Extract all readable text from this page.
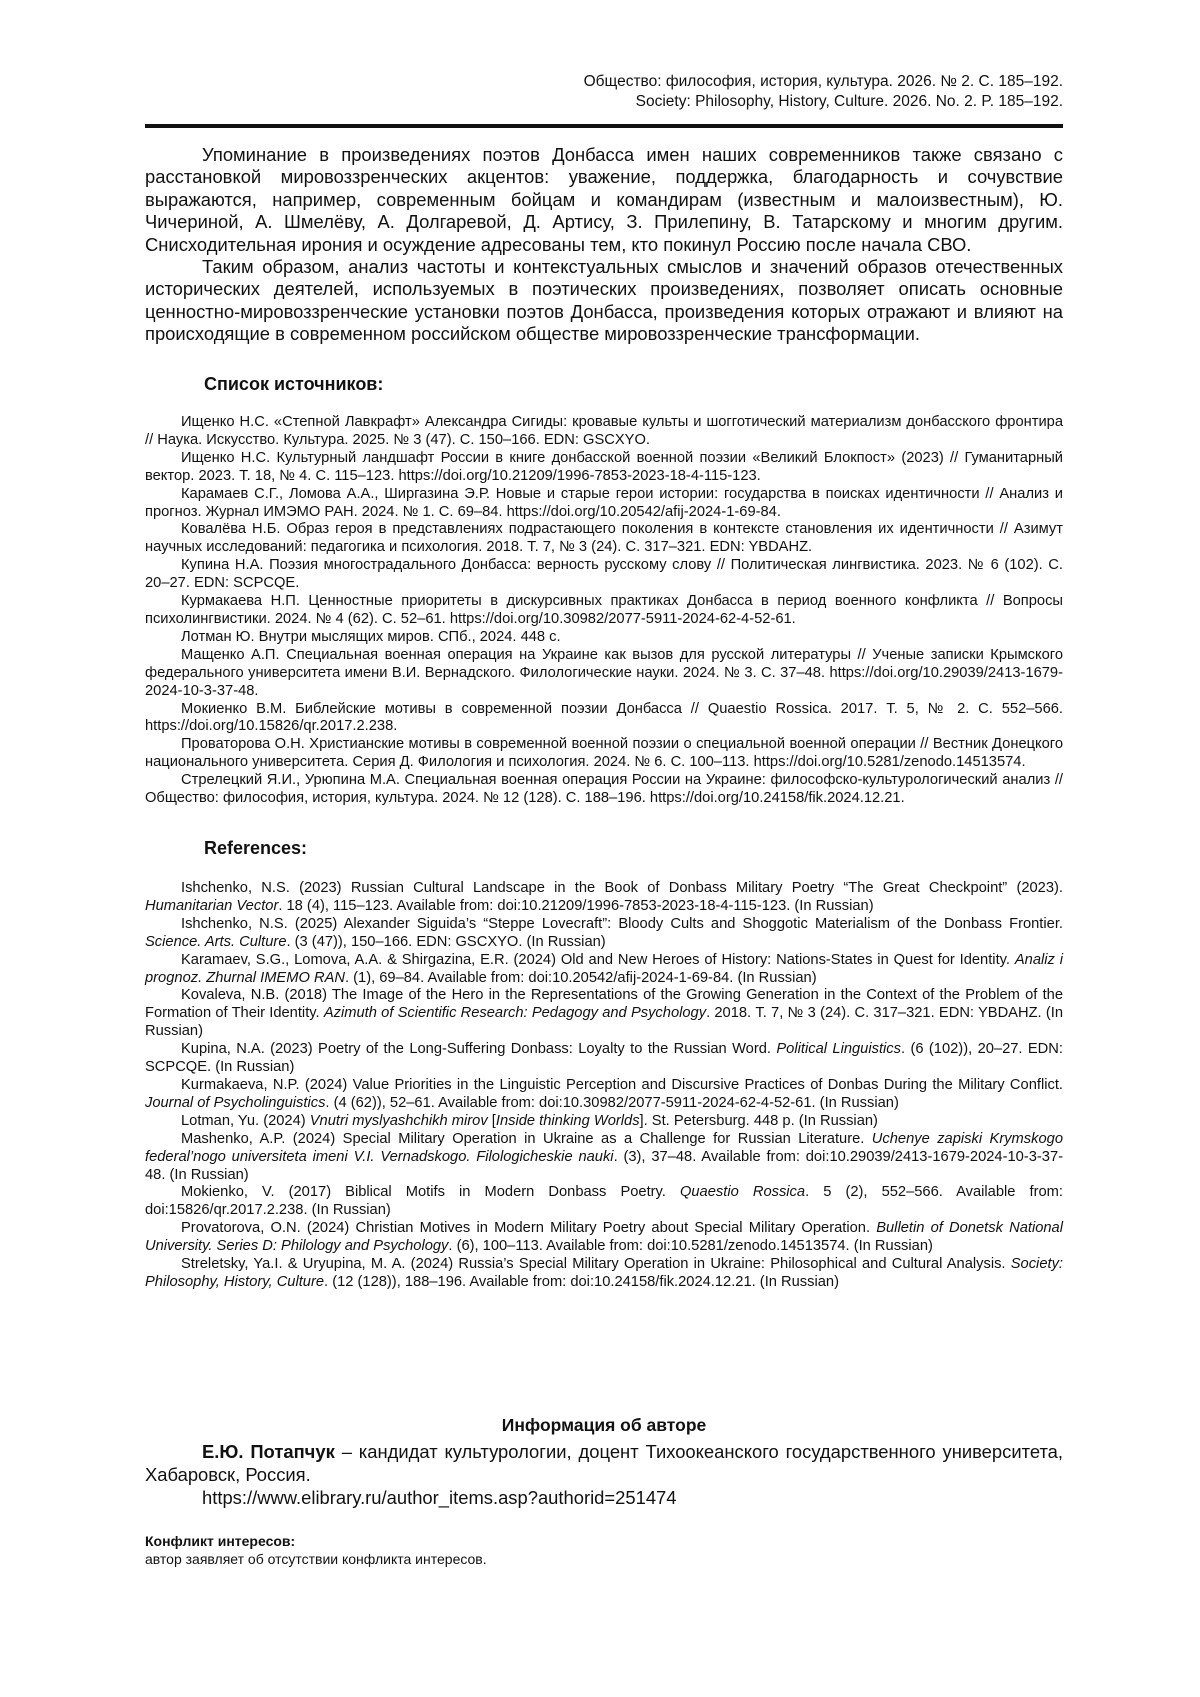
Общество: философия, история, культура. 2026. № 2. С. 185–192.
Society: Philosophy, History, Culture. 2026. No. 2. P. 185–192.

Упоминание в произведениях поэтов Донбасса имен наших современников также связано с расстановкой мировоззренческих акцентов: уважение, поддержка, благодарность и сочувствие выражаются, например, современным бойцам и командирам (известным и малоизвестным), Ю. Чичериной, А. Шмелёву, А. Долгаревой, Д. Артису, З. Прилепину, В. Татарскому и многим другим. Снисходительная ирония и осуждение адресованы тем, кто покинул Россию после начала СВО.

Таким образом, анализ частоты и контекстуальных смыслов и значений образов отечественных исторических деятелей, используемых в поэтических произведениях, позволяет описать основные ценностно-мировоззренческие установки поэтов Донбасса, произведения которых отражают и влияют на происходящие в современном российском обществе мировоззренческие трансформации.

Список источников:

Ищенко Н.С. «Степной Лавкрафт» Александра Сигиды: кровавые культы и шогготический материализм донбасского фронтира // Наука. Искусство. Культура. 2025. № 3 (47). С. 150–166. EDN: GSCXYO.

Ищенко Н.С. Культурный ландшафт России в книге донбасской военной поэзии «Великий Блокпост» (2023) // Гуманитарный вектор. 2023. Т. 18, № 4. С. 115–123. https://doi.org/10.21209/1996-7853-2023-18-4-115-123.

Карамаев С.Г., Ломова А.А., Ширгазина Э.Р. Новые и старые герои истории: государства в поисках идентичности // Анализ и прогноз. Журнал ИМЭМО РАН. 2024. № 1. С. 69–84. https://doi.org/10.20542/afij-2024-1-69-84.

Ковалёва Н.Б. Образ героя в представлениях подрастающего поколения в контексте становления их идентичности // Азимут научных исследований: педагогика и психология. 2018. Т. 7, № 3 (24). С. 317–321. EDN: YBDAHZ.

Купина Н.А. Поэзия многострадального Донбасса: верность русскому слову // Политическая лингвистика. 2023. № 6 (102). С. 20–27. EDN: SCPCQE.

Курмакаева Н.П. Ценностные приоритеты в дискурсивных практиках Донбасса в период военного конфликта // Вопросы психолингвистики. 2024. № 4 (62). С. 52–61. https://doi.org/10.30982/2077-5911-2024-62-4-52-61.

Лотман Ю. Внутри мыслящих миров. СПб., 2024. 448 с.

Мащенко А.П. Специальная военная операция на Украине как вызов для русской литературы // Ученые записки Крымского федерального университета имени В.И. Вернадского. Филологические науки. 2024. № 3. С. 37–48. https://doi.org/10.29039/2413-1679-2024-10-3-37-48.

Мокиенко В.М. Библейские мотивы в современной поэзии Донбасса // Quaestio Rossica. 2017. Т. 5, № 2. С. 552–566. https://doi.org/10.15826/qr.2017.2.238.

Проваторова О.Н. Христианские мотивы в современной военной поэзии о специальной военной операции // Вестник Донецкого национального университета. Серия Д. Филология и психология. 2024. № 6. С. 100–113. https://doi.org/10.5281/zenodo.14513574.

Стрелецкий Я.И., Урюпина М.А. Специальная военная операция России на Украине: философско-культурологический анализ // Общество: философия, история, культура. 2024. № 12 (128). С. 188–196. https://doi.org/10.24158/fik.2024.12.21.

References:

Ishchenko, N.S. (2023) Russian Cultural Landscape in the Book of Donbass Military Poetry “The Great Checkpoint” (2023). Humanitarian Vector. 18 (4), 115–123. Available from: doi:10.21209/1996-7853-2023-18-4-115-123. (In Russian)

Ishchenko, N.S. (2025) Alexander Siguida’s “Steppe Lovecraft”: Bloody Cults and Shoggotic Materialism of the Donbass Frontier. Science. Arts. Culture. (3 (47)), 150–166. EDN: GSCXYO. (In Russian)

Karamaev, S.G., Lomova, A.A. & Shirgazina, E.R. (2024) Old and New Heroes of History: Nations-States in Quest for Identity. Analiz i prognoz. Zhurnal IMEMO RAN. (1), 69–84. Available from: doi:10.20542/afij-2024-1-69-84. (In Russian)

Kovaleva, N.B. (2018) The Image of the Hero in the Representations of the Growing Generation in the Context of the Problem of the Formation of Their Identity. Azimuth of Scientific Research: Pedagogy and Psychology. 2018. Т. 7, № 3 (24). С. 317–321. EDN: YBDAHZ. (In Russian)

Kupina, N.A. (2023) Poetry of the Long-Suffering Donbass: Loyalty to the Russian Word. Political Linguistics. (6 (102)), 20–27. EDN: SCPCQE. (In Russian)

Kurmakaeva, N.P. (2024) Value Priorities in the Linguistic Perception and Discursive Practices of Donbas During the Military Conflict. Journal of Psycholinguistics. (4 (62)), 52–61. Available from: doi:10.30982/2077-5911-2024-62-4-52-61. (In Russian)

Lotman, Yu. (2024) Vnutri myslyashchikh mirov [Inside thinking Worlds]. St. Petersburg. 448 p. (In Russian)

Mashenko, A.P. (2024) Special Military Operation in Ukraine as a Challenge for Russian Literature. Uchenye zapiski Krymskogo federal’nogo universiteta imeni V.I. Vernadskogo. Filologicheskie nauki. (3), 37–48. Available from: doi:10.29039/2413-1679-2024-10-3-37-48. (In Russian)

Mokienko, V. (2017) Biblical Motifs in Modern Donbass Poetry. Quaestio Rossica. 5 (2), 552–566. Available from: doi:15826/qr.2017.2.238. (In Russian)

Provatorova, O.N. (2024) Christian Motives in Modern Military Poetry about Special Military Operation. Bulletin of Donetsk National University. Series D: Philology and Psychology. (6), 100–113. Available from: doi:10.5281/zenodo.14513574. (In Russian)

Streletsky, Ya.I. & Uryupina, M. A. (2024) Russia’s Special Military Operation in Ukraine: Philosophical and Cultural Analysis. Society: Philosophy, History, Culture. (12 (128)), 188–196. Available from: doi:10.24158/fik.2024.12.21. (In Russian)

Информация об авторе

Е.Ю. Потапчук – кандидат культурологии, доцент Тихоокеанского государственного университета, Хабаровск, Россия.

https://www.elibrary.ru/author_items.asp?authorid=251474

Конфликт интересов:
автор заявляет об отсутствии конфликта интересов.
